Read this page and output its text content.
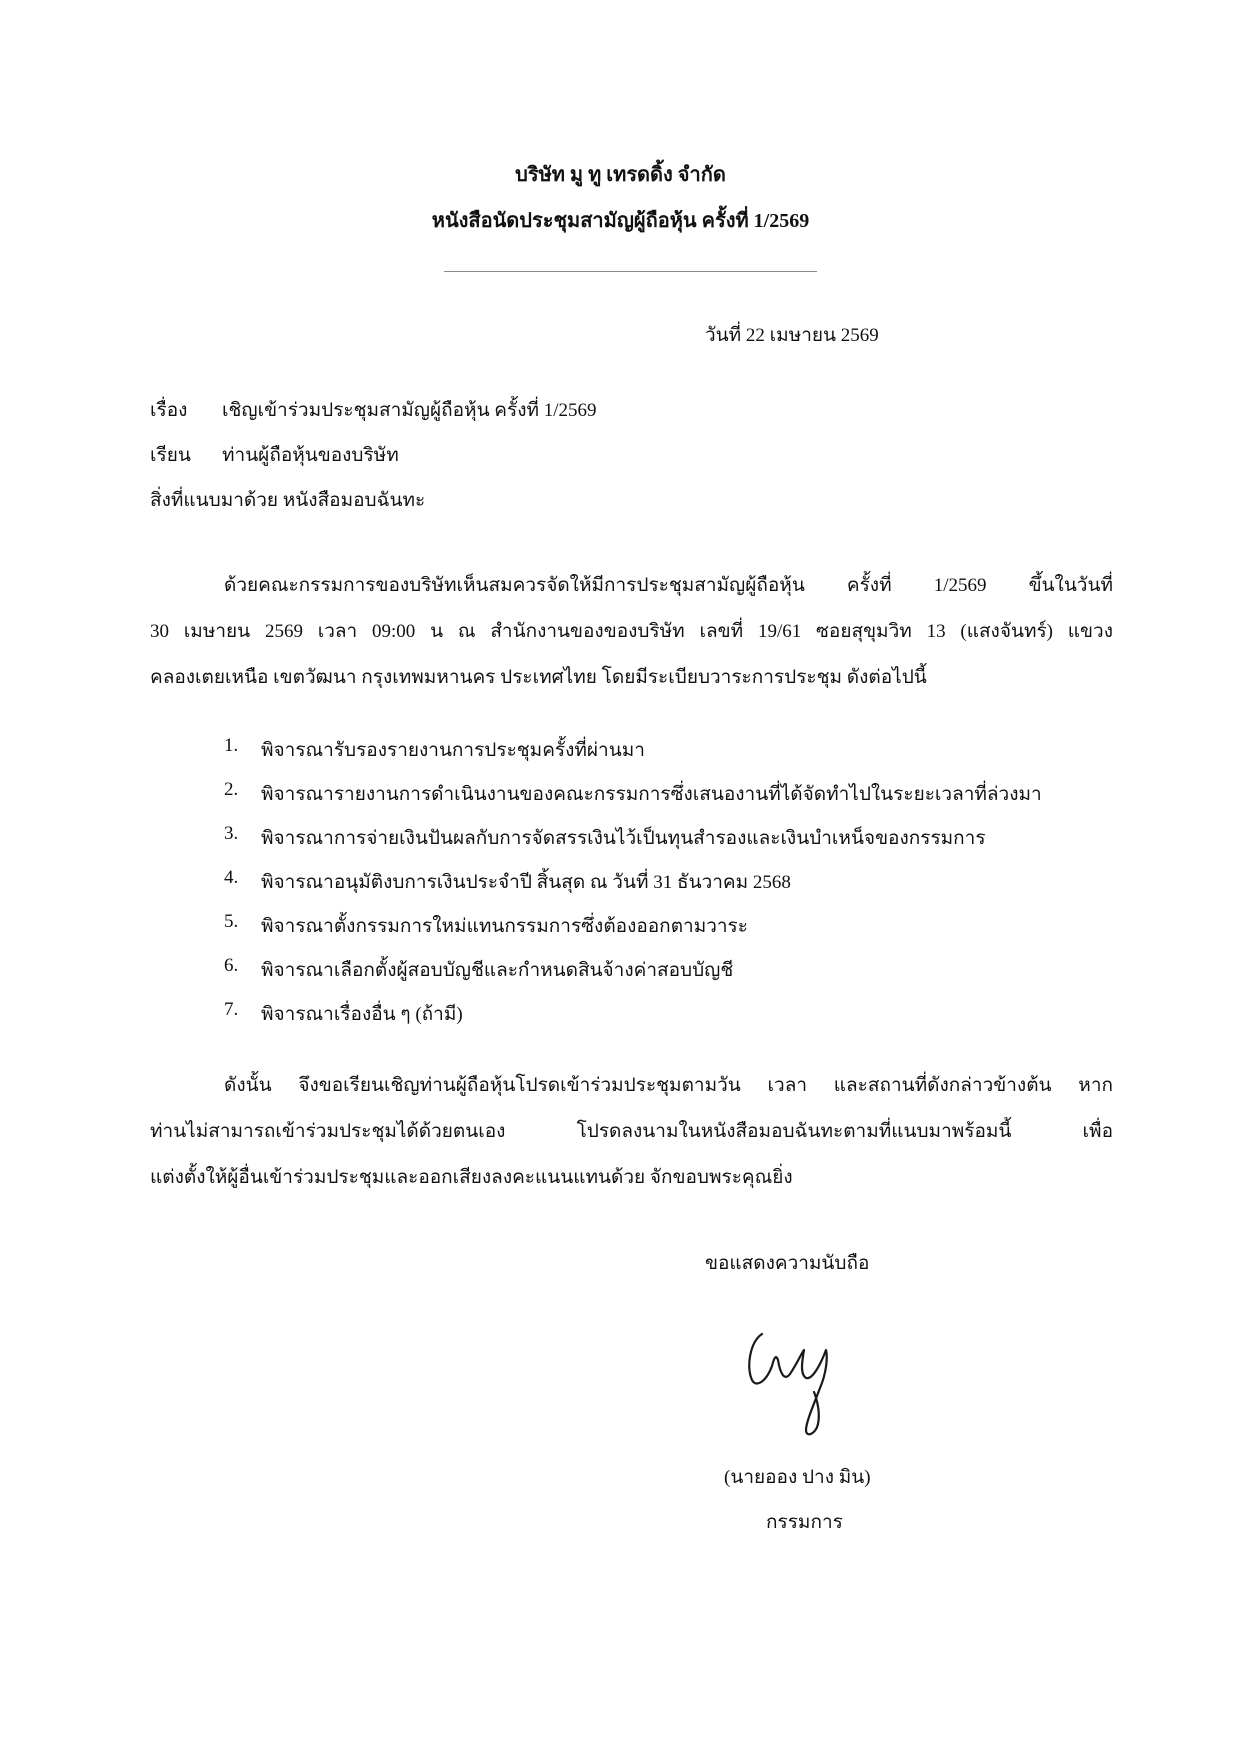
บริษัท มู ทู เทรดดิ้ง จำกัด
หนังสือนัดประชุมสามัญผู้ถือหุ้น ครั้งที่ 1/2569
วันที่ 22 เมษายน 2569
เรื่อง เชิญเข้าร่วมประชุมสามัญผู้ถือหุ้น ครั้งที่ 1/2569
เรียน ท่านผู้ถือหุ้นของบริษัท
สิ่งที่แนบมาด้วย หนังสือมอบฉันทะ
ด้วยคณะกรรมการของบริษัทเห็นสมควรจัดให้มีการประชุมสามัญผู้ถือหุ้น ครั้งที่ 1/2569 ขึ้นในวันที่
30 เมษายน 2569 เวลา 09:00 น ณ สำนักงานของของบริษัท เลขที่ 19/61 ซอยสุขุมวิท 13 (แสงจันทร์) แขวง
คลองเตยเหนือ เขตวัฒนา กรุงเทพมหานคร ประเทศไทย โดยมีระเบียบวาระการประชุม ดังต่อไปนี้
1.	พิจารณารับรองรายงานการประชุมครั้งที่ผ่านมา
2.	พิจารณารายงานการดำเนินงานของคณะกรรมการซึ่งเสนองานที่ได้จัดทำไปในระยะเวลาที่ล่วงมา
3.	พิจารณาการจ่ายเงินปันผลกับการจัดสรรเงินไว้เป็นทุนสำรองและเงินบำเหน็จของกรรมการ
4.	พิจารณาอนุมัติงบการเงินประจำปี สิ้นสุด ณ วันที่ 31 ธันวาคม 2568
5.	พิจารณาตั้งกรรมการใหม่แทนกรรมการซึ่งต้องออกตามวาระ
6.	พิจารณาเลือกตั้งผู้สอบบัญชีและกำหนดสินจ้างค่าสอบบัญชี
7.	พิจารณาเรื่องอื่น ๆ (ถ้ามี)
ดังนั้น จึงขอเรียนเชิญท่านผู้ถือหุ้นโปรดเข้าร่วมประชุมตามวัน เวลา และสถานที่ดังกล่าวข้างต้น หาก
ท่านไม่สามารถเข้าร่วมประชุมได้ด้วยตนเอง โปรดลงนามในหนังสือมอบฉันทะตามที่แนบมาพร้อมนี้ เพื่อ
แต่งตั้งให้ผู้อื่นเข้าร่วมประชุมและออกเสียงลงคะแนนแทนด้วย จักขอบพระคุณยิ่ง
ขอแสดงความนับถือ
(นายออง ปาง มิน)
กรรมการ
